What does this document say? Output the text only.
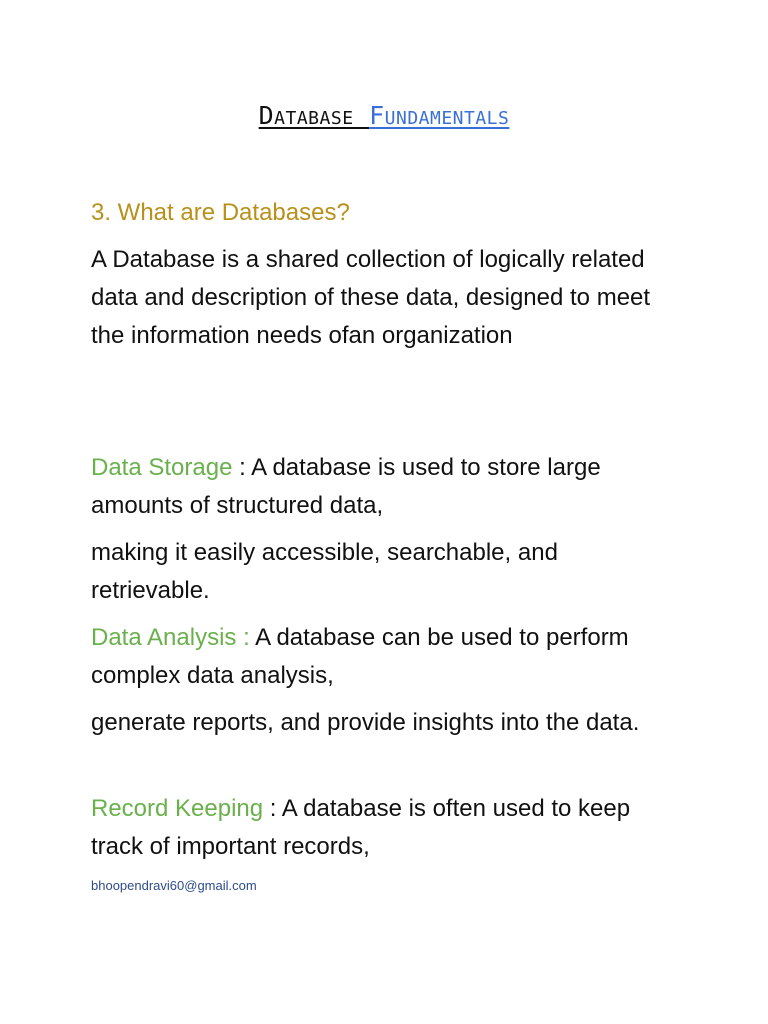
Database Fundamentals

3. What are Databases?

A Database is a shared collection of logically related data and description of these data, designed to meet the information needs ofan organization

Data Storage : A database is used to store large amounts of structured data,

making it easily accessible, searchable, and retrievable.

Data Analysis : A database can be used to perform complex data analysis,

generate reports, and provide insights into the data.

Record Keeping : A database is often used to keep track of important records,

bhoopendravi60@gmail.com
